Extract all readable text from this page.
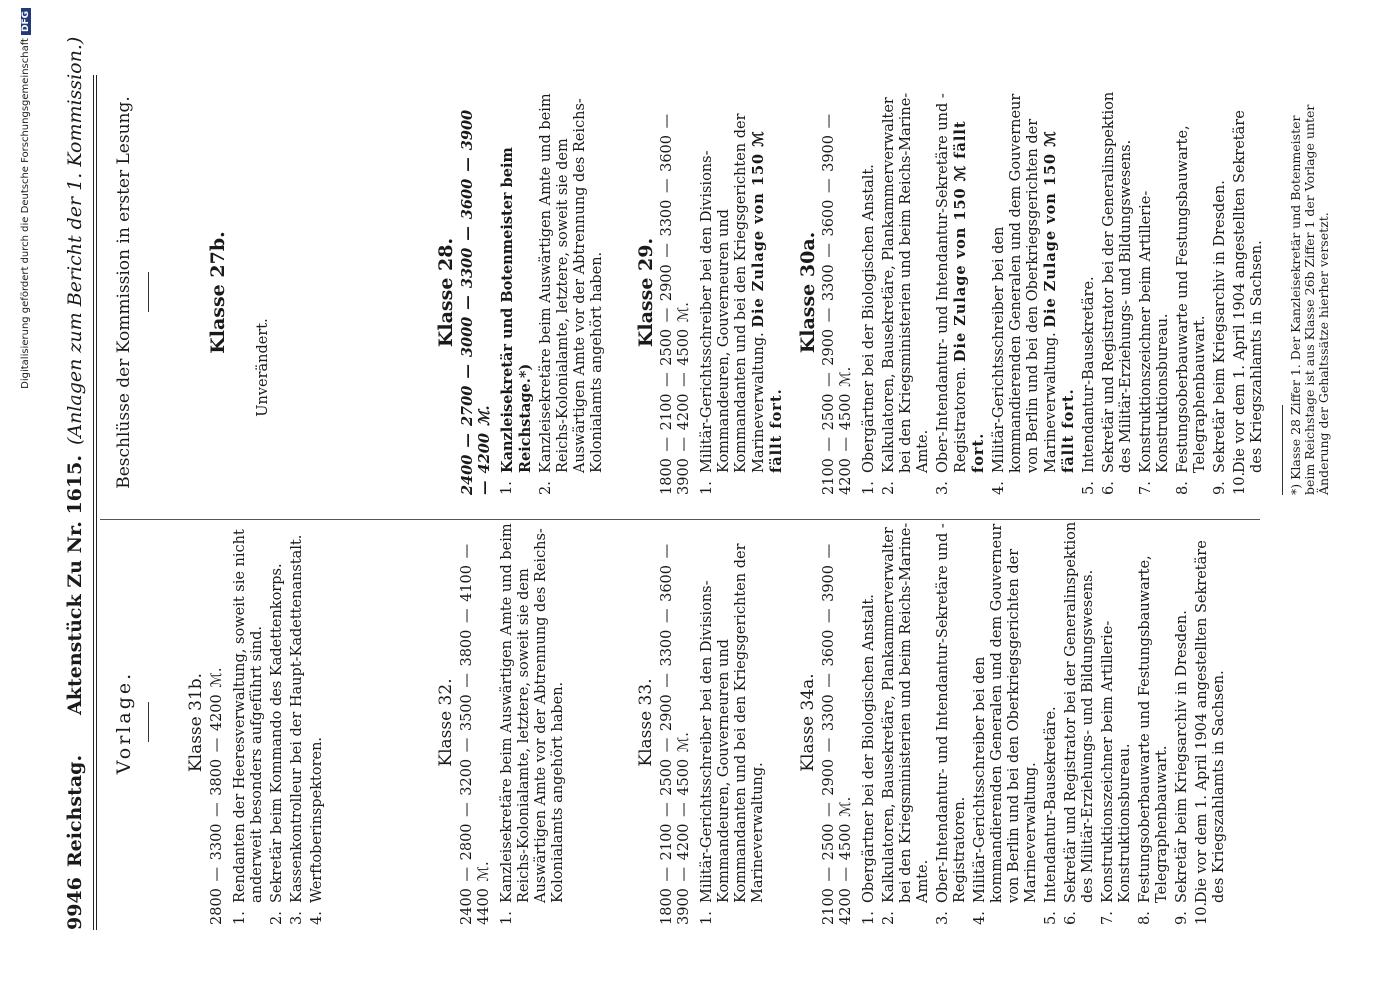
9946
Reichstag.
Aktenstück Zu Nr. 1615.
(Anlagen zum Bericht der 1. Kommission.)
Vorlage.	Klasse 31b. 2800 — 3300 — 3800 — 4200 ℳ. 1.
Rendanten der Heeresverwaltung, soweit sie nicht anderweit besonders aufgeführt sind.
2.
Sekretär beim Kommando des Kadettenkorps.
3.
Kassenkontrolleur bei der Haupt-Kadettenanstalt.
4.
Werftoberinspektoren.
Klasse 32. 2400 — 2800 — 3200 — 3500 — 3800 — 4100 — 4400 ℳ. 1.
Kanzleisekretäre beim Auswärtigen Amte und beim Reichs-Kolonialamte, letztere, soweit sie dem Auswärtigen Amte vor der Abtrennung des Reichs-Kolonialamts angehört haben.	Klasse 33. 1800 — 2100 — 2500 — 2900 — 3300 — 3600 — 3900 — 4200 — 4500 ℳ. 1.
Militär-Gerichtsschreiber bei den Divisions-Kommandeuren, Gouverneuren und Kommandanten und bei den Kriegsgerichten der Marineverwaltung.
Klasse 34a. 2100 — 2500 — 2900 — 3300 — 3600 — 3900 — 4200 — 4500 ℳ. 1.
Obergärtner bei der Biologischen Anstalt.
2.
Kalkulatoren, Bausekretäre, Plankammerverwalter bei den Kriegsministerien und beim Reichs-Marine-Amte.
3.
Ober-Intendantur- und Intendantur-Sekretäre und -Registratoren.
4.
Militär-Gerichtsschreiber bei den kommandierenden Generalen und dem Gouverneur von Berlin und bei den Oberkriegsgerichten der Marineverwaltung.
5.
Intendantur-Bausekretäre.
6.
Sekretär und Registrator bei der Generalinspektion des Militär-Erziehungs- und Bildungswesens.
7.
Konstruktionszeichner beim Artillerie-Konstruktionsbureau.
8.
Festungsoberbauwarte und Festungsbauwarte, Telegraphenbauwart.
9.
Sekretär beim Kriegsarchiv in Dresden.
10.
Die vor dem 1. April 1904 angestellten Sekretäre des Kriegszahlamts in Sachsen.
Beschlüsse der Kommission in erster Lesung.	Klasse 27b.
Unverändert.
Klasse 28. 2400 — 2700 — 3000 — 3300 — 3600 — 3900 — 4200 ℳ. 1.
Kanzleisekretär und Botenmeister beim Reichstage.*)
2.
Kanzleisekretäre beim Auswärtigen Amte und beim Reichs-Kolonialamte, letztere, soweit sie dem Auswärtigen Amte vor der Abtrennung des Reichs-Kolonialamts angehört haben. Klasse 29. 1800 — 2100 — 2500 — 2900 — 3300 — 3600 — 3900 — 4200 — 4500 ℳ. 1.
Militär-Gerichtsschreiber bei den Divisions-Kommandeuren, Gouverneuren und Kommandanten und bei den Kriegsgerichten der Marineverwaltung. Die Zulage von 150 ℳ fällt fort.
Klasse 30a. 2100 — 2500 — 2900 — 3300 — 3600 — 3900 — 4200 — 4500 ℳ. 1.
Obergärtner bei der Biologischen Anstalt.
2.
Kalkulatoren, Bausekretäre, Plankammerverwalter bei den Kriegsministerien und beim Reichs-Marine-Amte.
3.
Ober-Intendantur- und Intendantur-Sekretäre und -Registratoren. Die Zulage von 150 ℳ fällt fort.
4.
Militär-Gerichtsschreiber bei den kommandierenden Generalen und dem Gouverneur von Berlin und bei den Oberkriegsgerichten der Marineverwaltung. Die Zulage von 150 ℳ fällt fort.
5.
Intendantur-Bausekretäre.
6.
Sekretär und Registrator bei der Generalinspektion des Militär-Erziehungs- und Bildungswesens.
7.
Konstruktionszeichner beim Artillerie-Konstruktionsbureau.
8.
Festungsoberbauwarte und Festungsbauwarte, Telegraphenbauwart.
9.
Sekretär beim Kriegsarchiv in Dresden.
10.
Die vor dem 1. April 1904 angestellten Sekretäre des Kriegszahlamts in Sachsen. *) Klasse 28 Ziffer 1. Der Kanzleisekretär und Botenmeister beim Reichstage ist aus Klasse 26b Ziffer 1 der Vorlage unter Änderung der Gehaltssätze hierher versetzt.
Digitalisierung gefördert durch die Deutsche ForschungsgemeinschaftDFG
